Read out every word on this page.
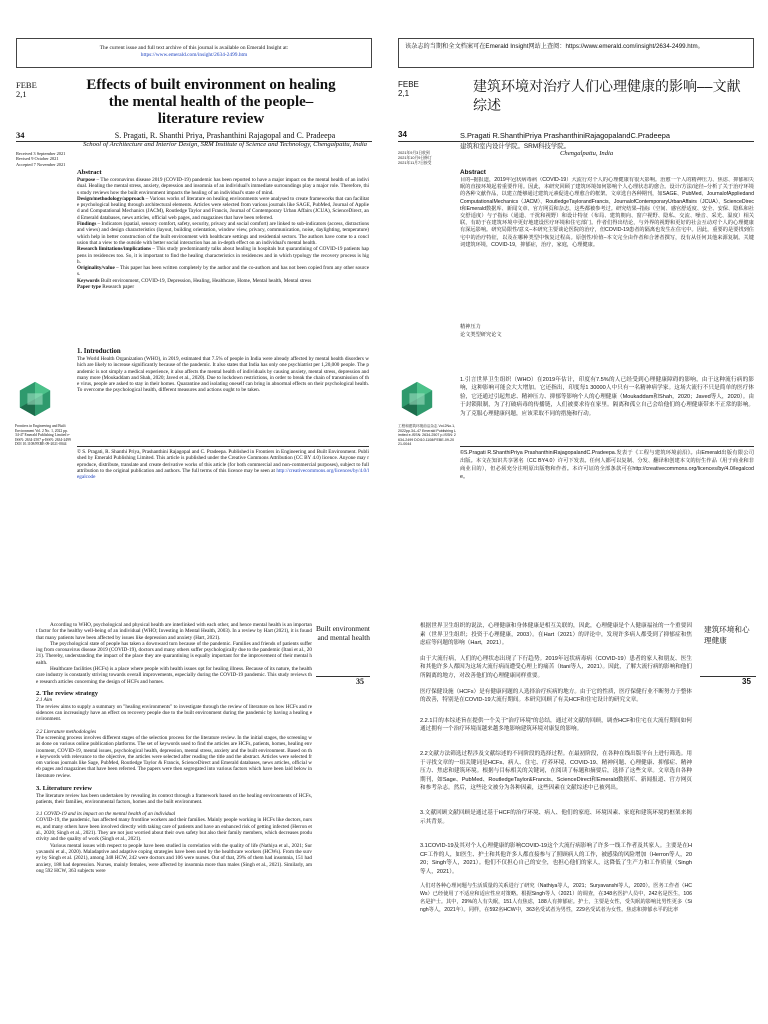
The current issue and full text archive of this journal is available on Emerald Insight at:
https://www.emerald.com/insight/2634-2499.htm
FEBE
2,1
Effects of built environment on healing the mental health of the people–literature review
34	S. Pragati, R. Shanthi Priya, Prashanthini Rajagopal and C. Pradeepa
School of Architecture and Interior Design, SRM Institute of Science and Technology, Chengalpattu, India
Received 3 September 2021
Revised 9 October 2021
Accepted 7 November 2021
Abstract

Purpose – The coronavirus disease 2019 (COVID-19) pandemic has been reported to have a major impact on the mental health of an individual. Healing the mental stress, anxiety, depression and insomnia of an individual's immediate surroundings play a major role. Therefore, this study reviews how the built environment impacts the healing of an individual's state of mind.

Design/methodology/approach – Various works of literature on healing environments were analysed to create frameworks that can facilitate psychological healing through architectural elements. Articles were selected from various journals like SAGE, PubMed, Journal of Applied and Computational Mechanics (JACM), Routledge Taylor and Francis, Journal of Contemporary Urban Affairs (JCUA), ScienceDirect, and Emerald databases, news articles, official web pages, and magazines that have been referred.

Findings – Indicators (spatial, sensory comfort, safety, security, privacy and social comfort) are linked to sub-indicators (access, distractions and views) and design characteristics (layout, building orientation, window view, privacy, communication, noise, daylighting, temperature) which help in better construction of the built environment with healthcare settings and residential sectors. The authors have come to a conclusion that a view to the outside with better social interaction has an in-depth effect on an individual's mental health.

Research limitations/implications – This study predominantly talks about healing in hospitals but quarantining of COVID-19 patients happens in residences too. So, it is important to find the healing characteristics in residences and in which typology the recovery process is high.

Originality/value – This paper has been written completely by the author and the co-authors and has not been copied from any other sources.

Keywords Built environment, COVID-19, Depression, Healing, Healthcare, Home, Mental health, Mental stress

Paper type Research paper

1. Introduction
The World Health Organization (WHO), in 2019, estimated that 7.5% of people in India were already affected by mental health disorders which are likely to increase significantly because of the pandemic. It also states that India has only one psychiatrist per 1,20,000 people. The pandemic is not simply a medical experience, it also affects the mental health of individuals by causing anxiety, mental stress, depression and many more (Moukaddam and Shah, 2020; Javed et al., 2020). Due to lockdown restrictions, in order to break the chain of transmission of the virus, people are asked to stay in their homes. Quarantine and isolating oneself can bring in abnormal effects on their psychological health. To overcome the psychological health, different measures and actions ought to be taken.
Frontiers in Engineering and Built Environment Vol. 2 No. 1, 2022 pp. 34-47 Emerald Publishing Limited e-ISSN: 2634-2507 p-ISSN: 2634-2499 DOI 10.1108/FEBE-09-2021-0044
© S. Pragati, R. Shanthi Priya, Prashanthini Rajagopal and C. Pradeepa. Published in Frontiers in Engineering and Built Environment. Published by Emerald Publishing Limited. This article is published under the Creative Commons Attribution (CC BY 4.0) licence. Anyone may reproduce, distribute, translate and create derivative works of this article (for both commercial and non-commercial purposes), subject to full attribution to the original publication and authors. The full terms of this licence may be seen at http://creativecommons.org/licences/by/4.0/legalcode
该杂志的当期和全文档案可在Emerald Insight网站上查阅：https://www.emerald.com/insight/2634-2499.htm。
FEBE
2,1	建筑环境对治疗人们心理健康的影响––文献综述
34	S.Pragati R.ShanthiPriya PrashanthiniRajagopalandC.Pradeepa
建筑和室内设计学院。SRM科技学院。
Chengalpattu, India
2021年9月3日收到
2021年10月9日修订
2021年11月7日接受
Abstract
目的–据报道，2019年冠状病毒病（COVID-19）大流行对个人的心理健康有很大影响。治愈一个人的精神压力、焦虑、抑郁和失眠的直接环境起着重要作用。因此，本研究回顾了建筑环境如何影响个人心理状态的愈合。设计/方法/途径–分析了关于治疗环境的各种文献作品，以建立能够通过建筑元素促进心理愈合的框架。文章选自各种期刊，如SAGE、PubMed、JournalofAppliedandComputationalMechanics（JACM）、RoutledgeTaylorandFrancis、JournalofContemporaryUrbanAffairs（JCUA）、ScienceDirect和Emerald数据库、新闻文章、官方网页和杂志，这些都被参考过。研究结果–指标（空间、感官舒适度、安全、安保、隐私和社交舒适度）与子指标（通道、干扰和视野）和设计特征（布局、建筑朝向、窗户视野、隐私、交流、噪音、采光、温度）相关联，有助于在建筑环境中更好地建设医疗环境和住宅部门。作者们得出结论，与外界的视野和更好的社会互动对个人的心理健康有深远影响。研究局限性/意义–本研究主要谈论医院的治疗，但COVID-19患者的隔离也发生在住宅中。因此，重要的是要找到住宅中的治疗特征，以及在哪种类型中恢复过程高。原创性/价值–本文完全由作者和合著者撰写，没有从任何其他来源复制。关键词建筑环境，COVID-19，抑郁症，治疗，家庭，心理健康。
精神压力
论文类型研究论文
1.引言世界卫生组织（WHO）在2019年估计，印度有7.5%的人已经受到心理健康障碍的影响，由于这种流行病的影响，这种影响可能会大大增加。它还指出，印度每1 30000人中只有一名精神病学家。这场大流行不只是简单的医疗体验，它还通过引起焦虑、精神压力、抑郁等影响个人的心理健康（Moukaddam和Shah，2020；Javed等人，2020）。由于封锁限制，为了打破病毒的传播链，人们被要求待在家里。隔离和孤立自己会给他们的心理健康带来不正常的影响。为了克服心理健康问题，应该采取不同的措施和行动。
工程和建筑环境前沿杂志 Vol.2No.1,2022pp.34–47 Emerald Publishing Limited e-ISSN: 2634-2507 p-ISSN: 2634-2499 DOI10.1108/FEBE-09-2021-0044
©S.Pragati R.ShanthiPriya PrashanthiniRajagopalandC.Pradeepa.发表于《工程与建筑环境前沿》。由Emerald出版有限公司出版。本文在知识共享署名（CC BY4.0）许可下发表。任何人都可以复制、分发、翻译和创建本文的衍生作品（用于商业和非商业目的），但必须充分注明原出版物和作者。本许可证的全部条款可在http://creativecommons.org/licences/by/4.0/legalcode。
Built environment and mental health
35

According to WHO, psychological and physical health are interlinked with each other, and hence mental health is an important factor for the healthy well-being of an individual (WHO; Investing in Mental Health, 2003). In a review by Hart (2021), it is found that many patients have been affected by issues like depression and anxiety (Hart, 2021).

The psychological state of people has taken a downward turn because of the pandemic. Families and friends of patients suffering from coronavirus disease 2019 (COVID-19), doctors and many others suffer psychologically due to the pandemic (Itani et al., 2021). Thereby, understanding the impact of the place they are quarantining is equally important for the improvement of their mental health.

Healthcare facilities (HCFs) is a place where people with health issues opt for healing illness. Because of its nature, the healthcare industry is constantly striving towards overall improvements, especially during the COVID-19 pandemic. This study reviews the research articles concerning the design of HCFs and homes.

2. The review strategy

2.1 Aim

The review aims to supply a summary on "healing environments" to investigate through the review of literature on how HCFs and residences can increasingly have an effect on recovery people due to the built environment during the pandemic by having a healing environment.

2.2 Literature methodologies

The screening process involves different stages of the selection process for the literature review. In the initial stages, the screening was done on various online publication platforms. The set of keywords used to find the articles are HCFs, patients, homes, healing environment, COVID-19, mental issues, psychological health, depression, mental stress, anxiety and the built environment. Based on the keywords with relevance to the objective, the articles were selected after reading the title and the abstract. Articles were selected from various journals like Sage, PubMed, Routledge Taylor & Francis, ScienceDirect and Emerald databases, news articles, official web pages and magazines that have been referred. The papers were then segregated into various factors which have been laid below in literature review.

3. Literature review

The literature review has been undertaken by revealing its context through a framework based on the healing environments of HCFs, patients, their families, environmental factors, homes and the built environment.

3.1 COVID-19 and its impact on the mental health of an individual

COVID-19, the pandemic, has affected many frontline workers and their families. Mainly people working in HCFs like doctors, nurses, and many others have been involved directly with taking care of patients and have an enhanced risk of getting infected (Herron et al., 2020; Singh et al., 2021). They are not just worried about their own safety but also their family members, which decreases productivity and the quality of work (Singh et al., 2021).

Various mental issues with respect to people have been studied in correlation with the quality of life (Nathiya et al., 2021; Suryavanshi et al., 2020). Maladaptive and adaptive coping strategies have been used by the healthcare workers (HCWs). From the survey by Singh et al. (2021), among 348 HCW, 242 were doctors and 106 were nurses. Out of that, 29% of them had insomnia, 151 had anxiety, 188 had depression. Nurses, mainly females, were affected by insomnia more than males (Singh et al., 2021). Similarly, among 592 HCW, 363 subjects were

建筑环境和心理健康
35

根据世界卫生组织的说法，心理健康和身体健康是相互关联的，因此，心理健康是个人健康福祉的一个重要因素（世界卫生组织；投资于心理健康，2003）。在Hart（2021）的评论中，发现许多病人都受到了抑郁症和焦虑症等问题的影响（Hart，2021）。

由于大流行病，人们的心理状态出现了下行趋势。2019年冠状病毒病（COVID-19）患者的家人和朋友、医生和其他许多人都因为这场大流行病而遭受心理上的痛苦（Itani等人，2021）。因此，了解大流行病的影响和他们所隔离的地方，对改善他们的心理健康同样重要。

医疗保健设施（HCFs）是有健康问题的人选择治疗疾病的地方。由于它的性质，医疗保健行业不断努力于整体的改善，特别是在COVID-19大流行期间。本研究回顾了有关HCF和住宅设计的研究文章。

2.2.1目的本综述旨在提供一个关于"治疗环境"的总结，通过对文献的回顾，调查HCF和住宅在大流行期间如何通过拥有一个治疗环境而越来越多地影响建筑环境对康复的影响。

2.2文献方法筛选过程涉及文献综述的不同阶段的选择过程。在最初阶段，在各种在线出版平台上进行筛选。用于寻找文章的一组关键词是HCFs、病人、住宅、疗养环境、COVID-19、精神问题、心理健康、抑郁症、精神压力、焦虑和建筑环境。根据与目标相关的关键词，在阅读了标题和摘要后，选择了这些文章。文章选自各种期刊，如Sage、PubMed、RoutledgeTaylor&Francis、ScienceDirect和Emerald数据库、新闻报道、官方网页和参考杂志。然后，这些论文被分为各种因素，这些因素在文献综述中已被列出。

3.文献回顾文献回顾是通过基于HCF的治疗环境、病人、他们的家庭、环境因素、家庭和建筑环境的框架来揭示其背景。

3.1COVID-19及其对个人心理健康的影响COVID-19这个大流行病影响了许多一线工作者及其家人。主要是在HCF工作的人，如医生、护士和其他许多人都直接参与了照顾病人的工作，被感染的风险增加（Herron等人，2020；Singh等人，2021）。他们不仅担心自己的安全，也担心他们的家人，这降低了生产力和工作质量（Singh等人，2021）。

人们对各种心理问题与生活质量的关系进行了研究（Nathiya等人，2021；Suryavanshi等人，2020）。医务工作者（HCWs）已经使用了不适应和适应性应对策略。根据Singh等人（2021）的调查，在348名医护人员中，242名是医生，106名是护士。其中，29%的人有失眠，151人有焦虑，188人有抑郁症。护士，主要是女性，受失眠的影响比男性更多（Singh等人，2021年）。同样，在592名HCW中，363名受试者为男性，229名受试者为女性。焦虑和抑郁水平的比率
